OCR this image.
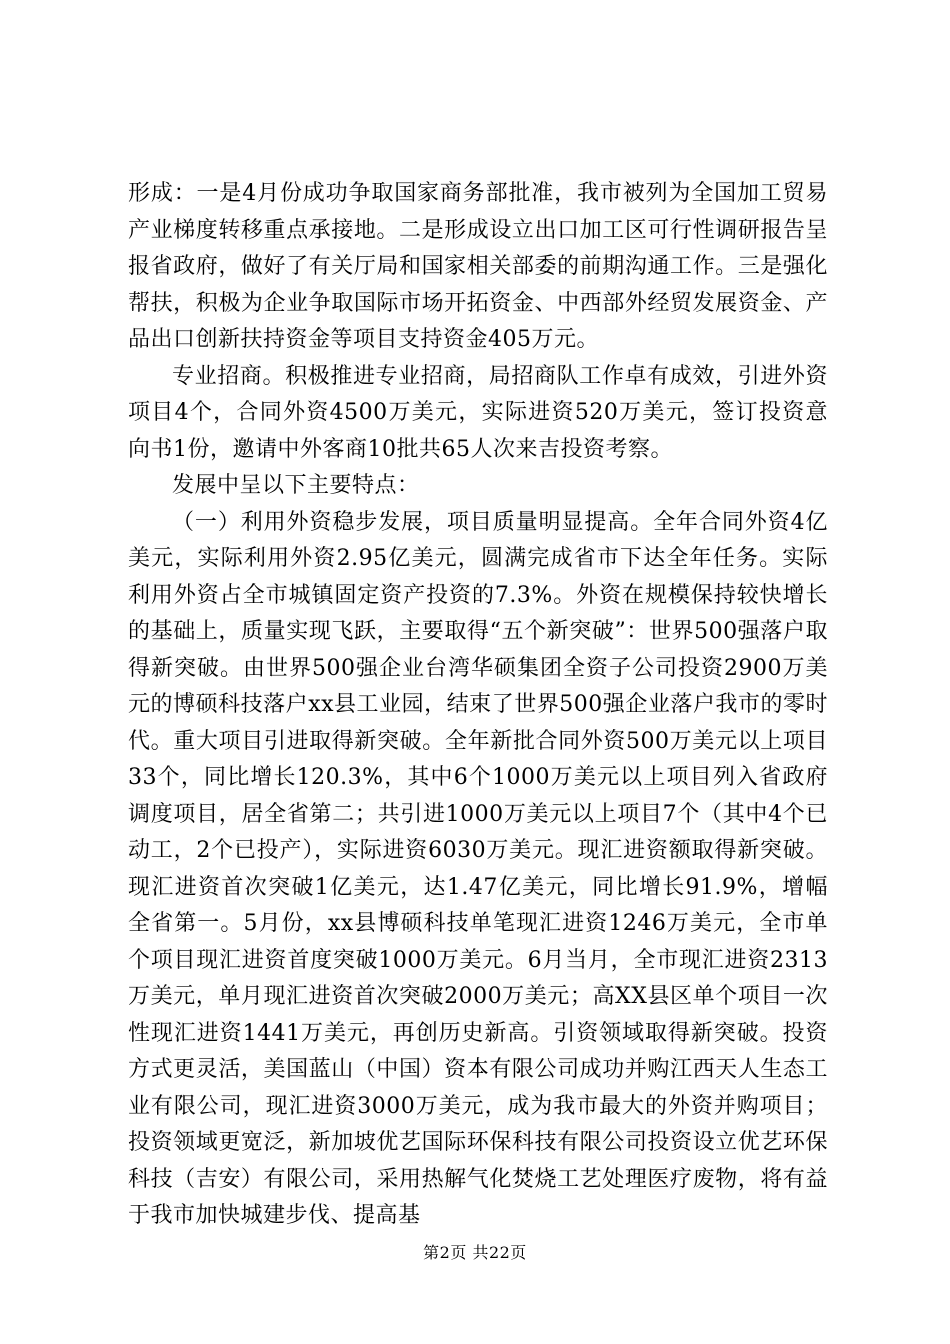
形成：一是4月份成功争取国家商务部批准，我市被列为全国加工贸易产业梯度转移重点承接地。二是形成设立出口加工区可行性调研报告呈报省政府，做好了有关厅局和国家相关部委的前期沟通工作。三是强化帮扶，积极为企业争取国际市场开拓资金、中西部外经贸发展资金、产品出口创新扶持资金等项目支持资金405万元。

专业招商。积极推进专业招商，局招商队工作卓有成效，引进外资项目4个，合同外资4500万美元，实际进资520万美元，签订投资意向书1份，邀请中外客商10批共65人次来吉投资考察。

发展中呈以下主要特点：

（一）利用外资稳步发展，项目质量明显提高。全年合同外资4亿美元，实际利用外资2.95亿美元，圆满完成省市下达全年任务。实际利用外资占全市城镇固定资产投资的7.3%。外资在规模保持较快增长的基础上，质量实现飞跃，主要取得“五个新突破”：世界500强落户取得新突破。由世界500强企业台湾华硕集团全资子公司投资2900万美元的博硕科技落户xx县工业园，结束了世界500强企业落户我市的零时代。重大项目引进取得新突破。全年新批合同外资500万美元以上项目33个，同比增长120.3%，其中6个1000万美元以上项目列入省政府调度项目，居全省第二；共引进1000万美元以上项目7个（其中4个已动工，2个已投产），实际进资6030万美元。现汇进资额取得新突破。现汇进资首次突破1亿美元，达1.47亿美元，同比增长91.9%，增幅全省第一。5月份，xx县博硕科技单笔现汇进资1246万美元，全市单个项目现汇进资首度突破1000万美元。6月当月，全市现汇进资2313万美元，单月现汇进资首次突破2000万美元；高XX县区单个项目一次性现汇进资1441万美元，再创历史新高。引资领域取得新突破。投资方式更灵活，美国蓝山（中国）资本有限公司成功并购江西天人生态工业有限公司，现汇进资3000万美元，成为我市最大的外资并购项目；投资领域更宽泛，新加坡优艺国际环保科技有限公司投资设立优艺环保科技（吉安）有限公司，采用热解气化焚烧工艺处理医疗废物，将有益于我市加快城建步伐、提高基

第2页 共22页
